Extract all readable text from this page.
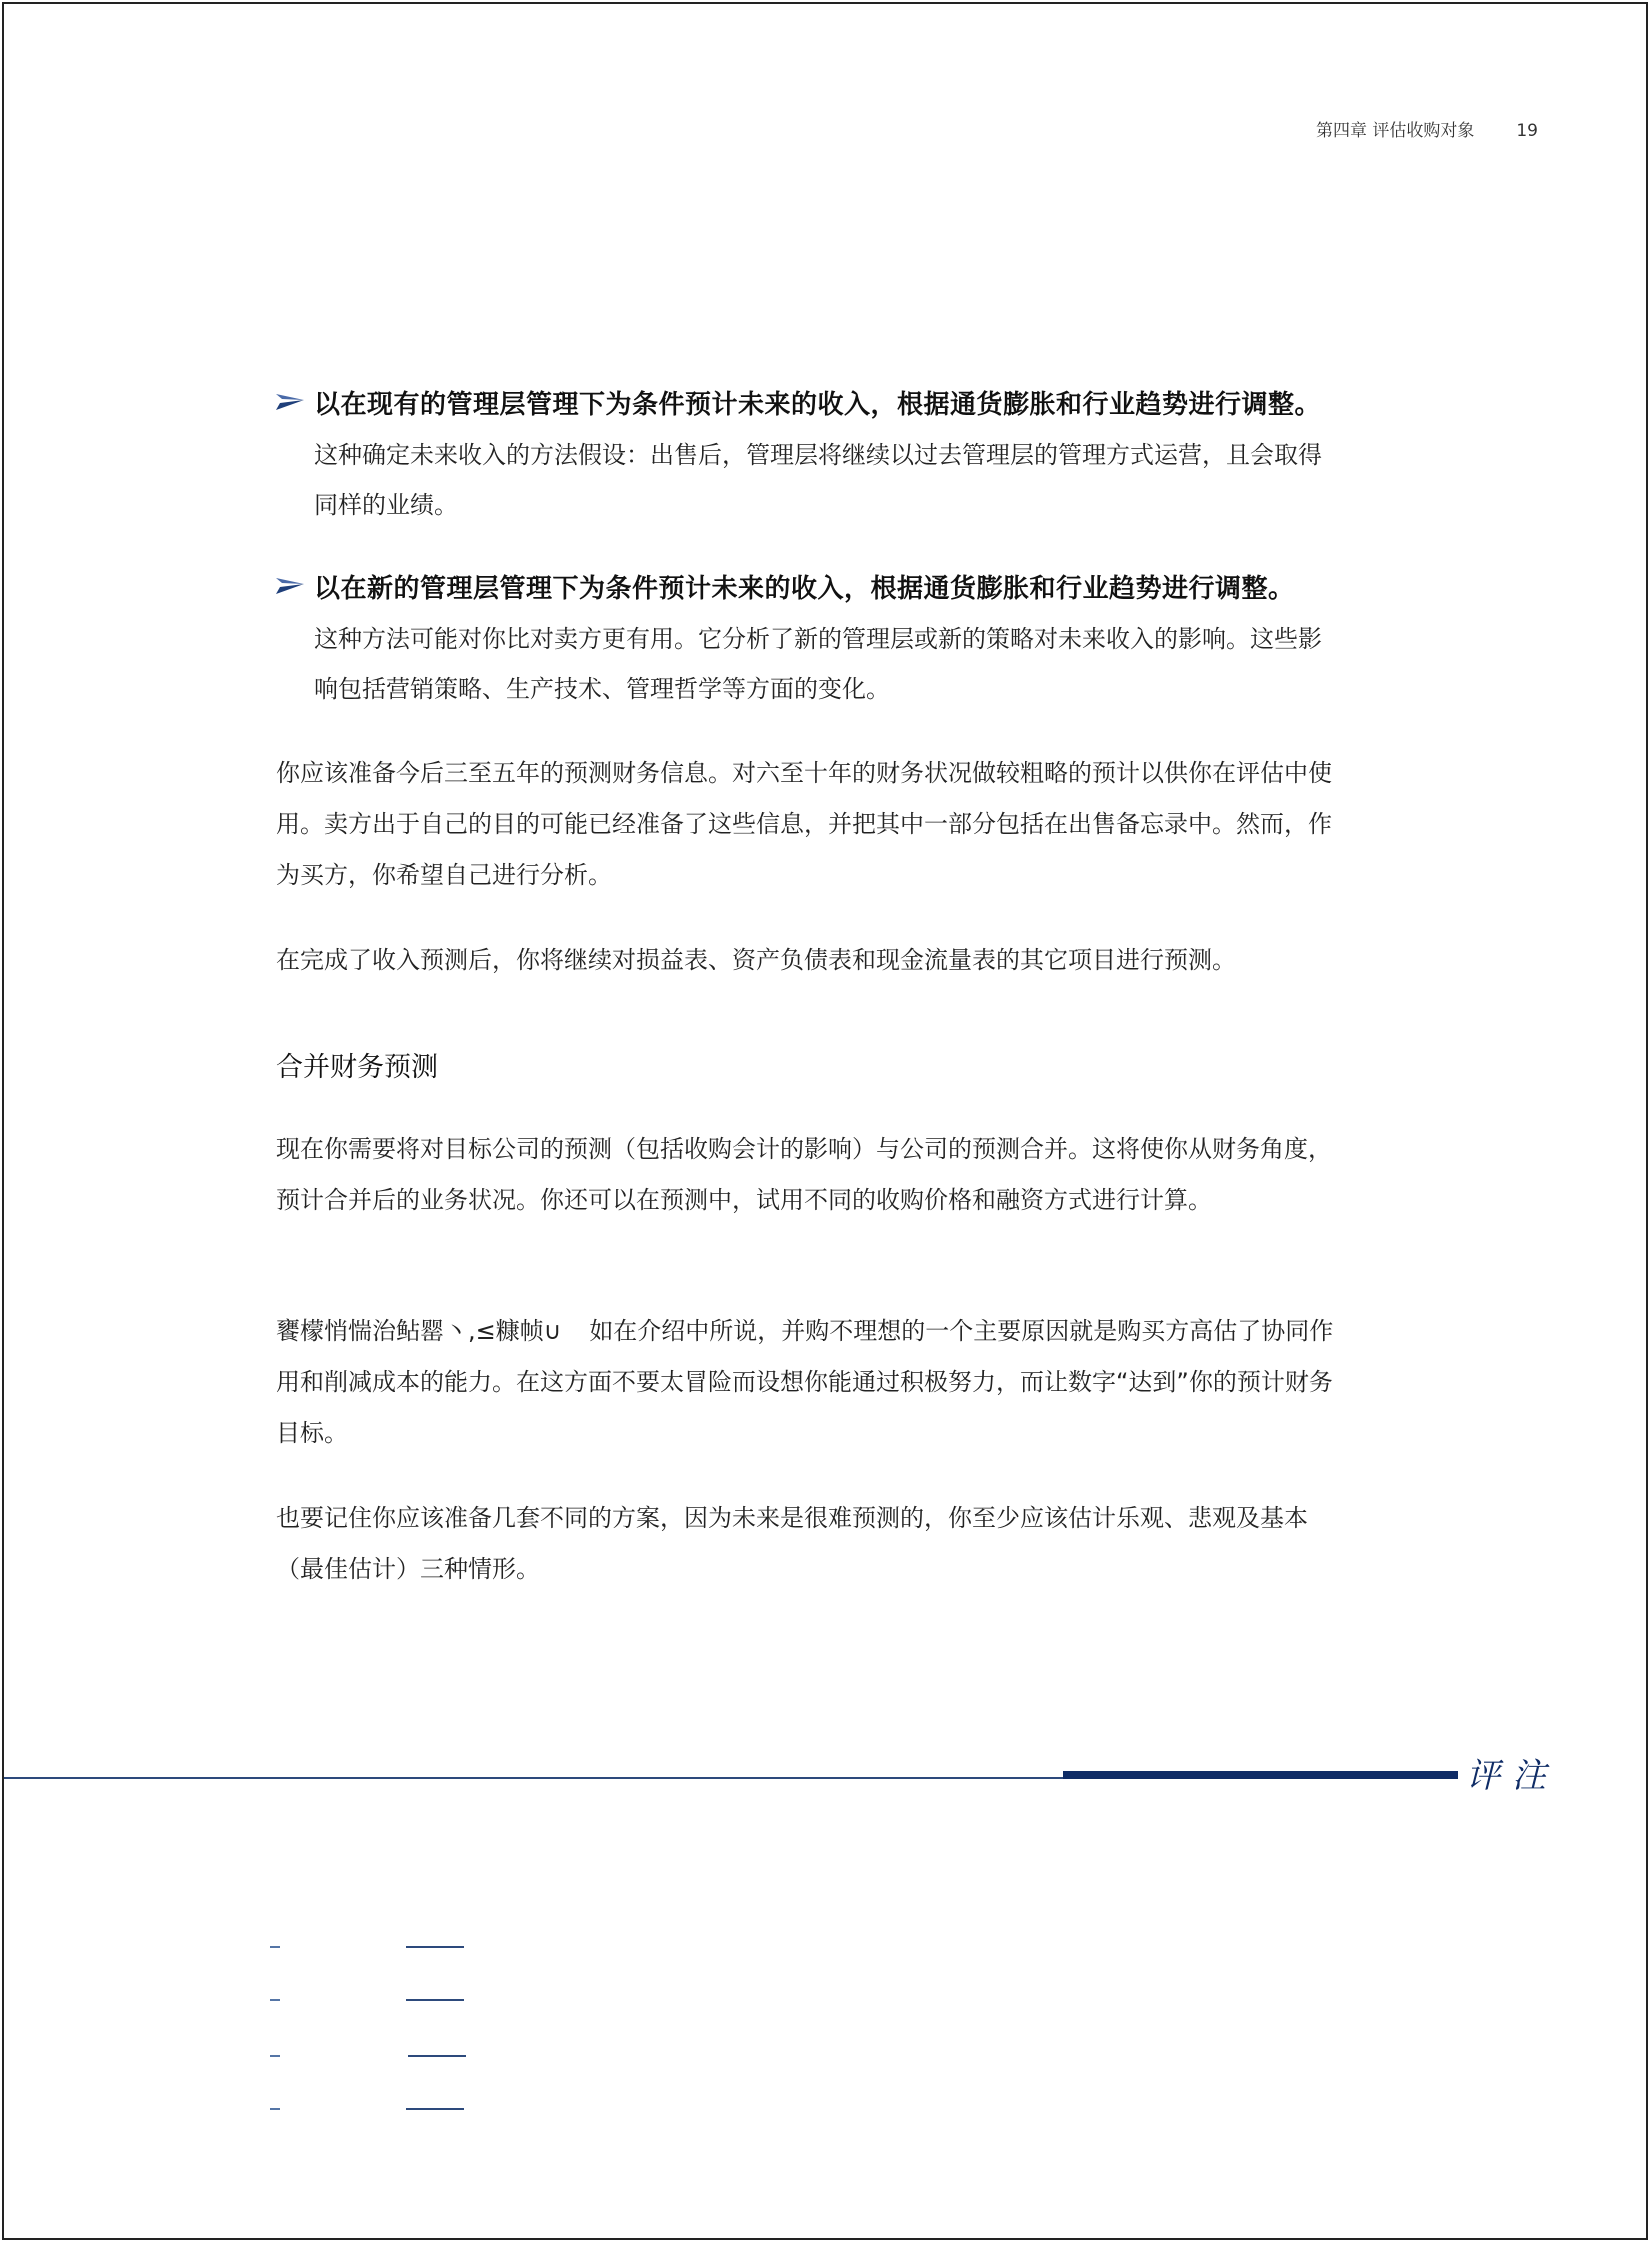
第四章 评估收购对象 19
以在现有的管理层管理下为条件预计未来的收入，根据通货膨胀和行业趋势进行调整。
这种确定未来收入的方法假设：出售后，管理层将继续以过去管理层的管理方式运营，且会取得同样的业绩。
以在新的管理层管理下为条件预计未来的收入，根据通货膨胀和行业趋势进行调整。
这种方法可能对你比对卖方更有用。它分析了新的管理层或新的策略对未来收入的影响。这些影响包括营销策略、生产技术、管理哲学等方面的变化。

你应该准备今后三至五年的预测财务信息。对六至十年的财务状况做较粗略的预计以供你在评估中使用。卖方出于自己的目的可能已经准备了这些信息，并把其中一部分包括在出售备忘录中。然而，作为买方，你希望自己进行分析。

在完成了收入预测后，你将继续对损益表、资产负债表和现金流量表的其它项目进行预测。

合并财务预测

现在你需要将对目标公司的预测（包括收购会计的影响）与公司的预测合并。这将使你从财务角度，预计合并后的业务状况。你还可以在预测中，试用不同的收购价格和融资方式进行计算。

饔檬悄惴治鲇罂丶,≤糠帧∪ 如在介绍中所说，并购不理想的一个主要原因就是购买方高估了协同作用和削减成本的能力。在这方面不要太冒险而设想你能通过积极努力，而让数字“达到”你的预计财务目标。

也要记住你应该准备几套不同的方案，因为未来是很难预测的，你至少应该估计乐观、悲观及基本（最佳估计）三种情形。

评注
